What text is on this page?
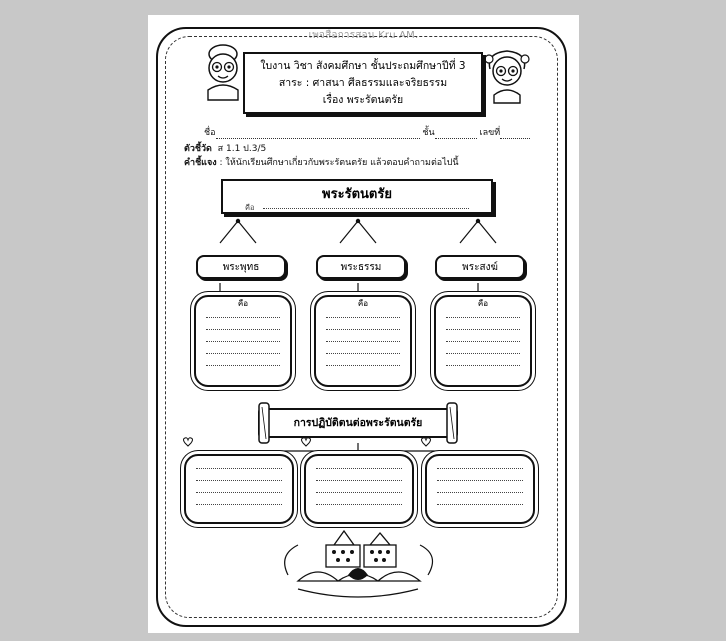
เพจสื่อการสอน Kru AM.
ใบงาน วิชา สังคมศึกษา ชั้นประถมศึกษาปีที่ 3
สาระ : ศาสนา ศีลธรรมและจริยธรรม
เรื่อง พระรัตนตรัย
ชื่อ	ชั้น	เลขที่
ตัวชี้วัด ส 1.1 ป.3/5
คำชี้แจง : ให้นักเรียนศึกษาเกี่ยวกับพระรัตนตรัย แล้วตอบคำถามต่อไปนี้
พระรัตนตรัย
คือ
พระพุทธ	พระธรรม	พระสงฆ์
คือ	คือ	คือ
การปฏิบัติตนต่อพระรัตนตรัย
